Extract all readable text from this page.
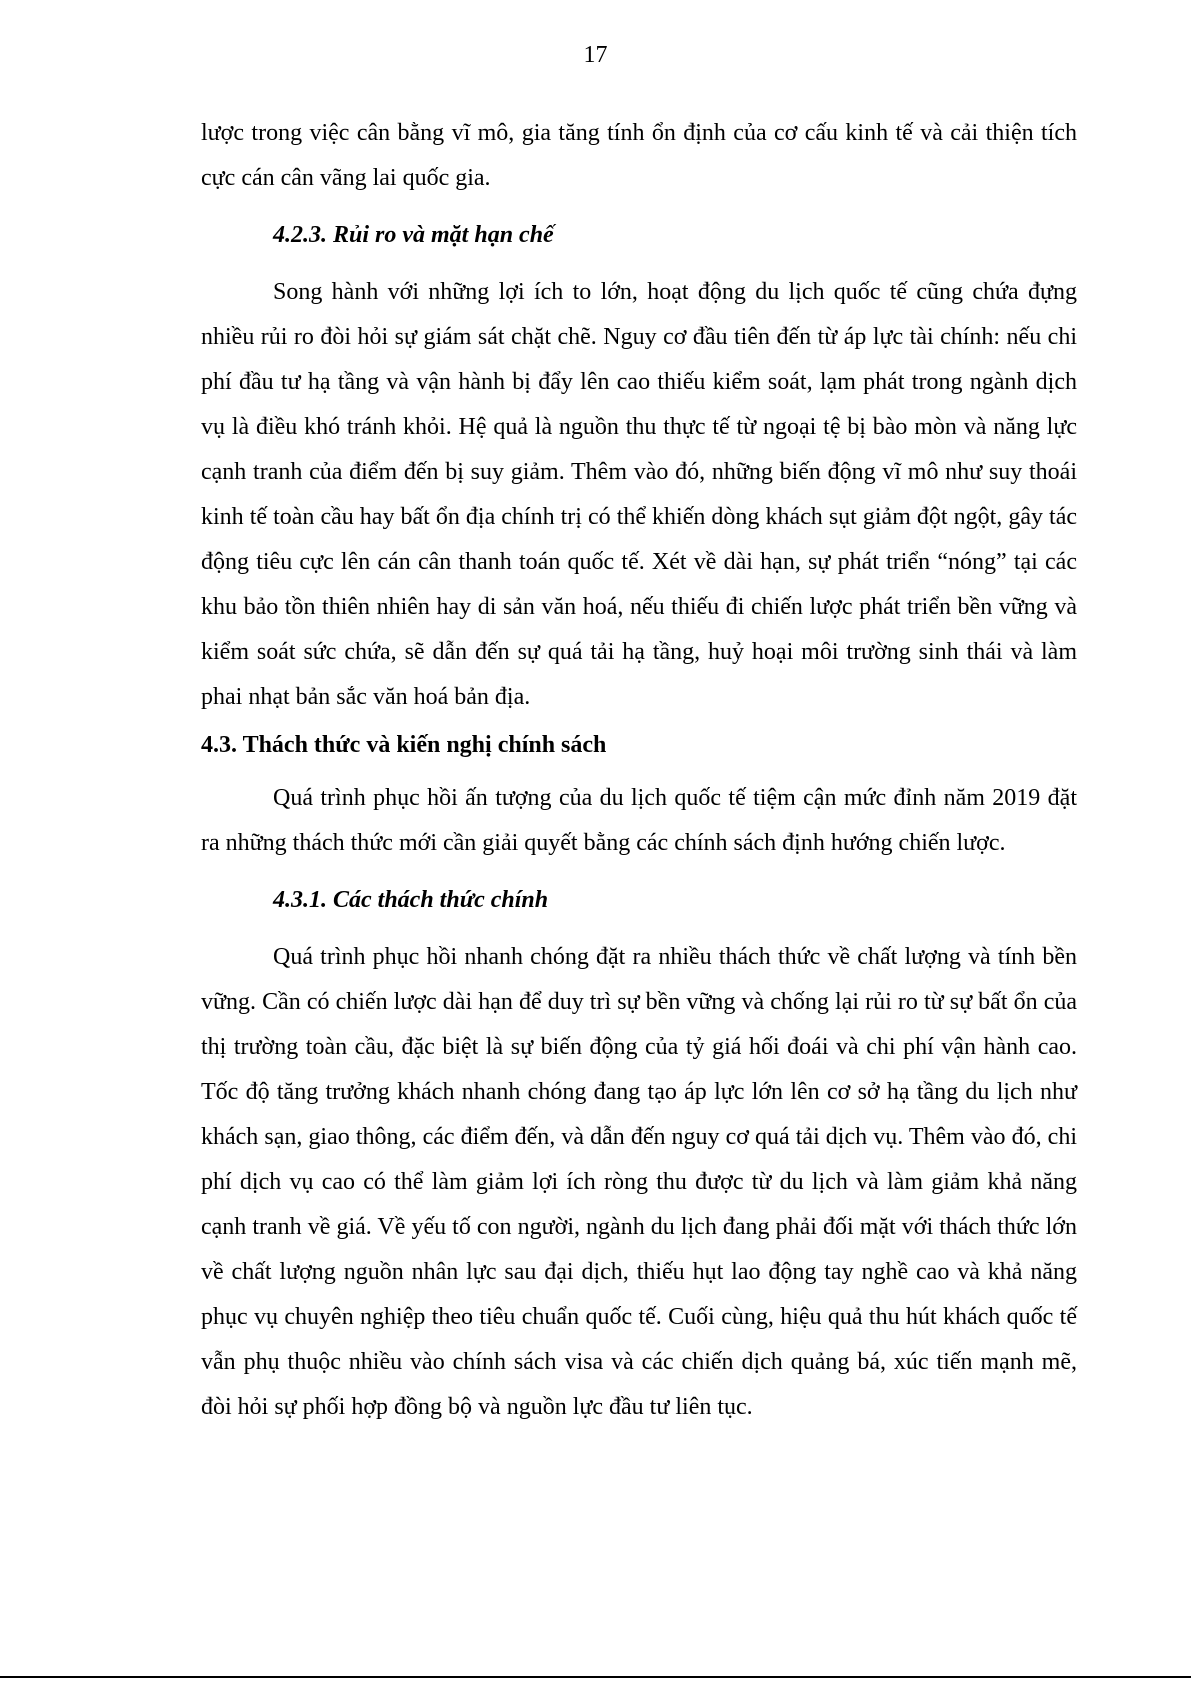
17

lược trong việc cân bằng vĩ mô, gia tăng tính ổn định của cơ cấu kinh tế và cải thiện tích cực cán cân vãng lai quốc gia.

4.2.3. Rủi ro và mặt hạn chế

Song hành với những lợi ích to lớn, hoạt động du lịch quốc tế cũng chứa đựng nhiều rủi ro đòi hỏi sự giám sát chặt chẽ. Nguy cơ đầu tiên đến từ áp lực tài chính: nếu chi phí đầu tư hạ tầng và vận hành bị đẩy lên cao thiếu kiểm soát, lạm phát trong ngành dịch vụ là điều khó tránh khỏi. Hệ quả là nguồn thu thực tế từ ngoại tệ bị bào mòn và năng lực cạnh tranh của điểm đến bị suy giảm. Thêm vào đó, những biến động vĩ mô như suy thoái kinh tế toàn cầu hay bất ổn địa chính trị có thể khiến dòng khách sụt giảm đột ngột, gây tác động tiêu cực lên cán cân thanh toán quốc tế. Xét về dài hạn, sự phát triển “nóng” tại các khu bảo tồn thiên nhiên hay di sản văn hoá, nếu thiếu đi chiến lược phát triển bền vững và kiểm soát sức chứa, sẽ dẫn đến sự quá tải hạ tầng, huỷ hoại môi trường sinh thái và làm phai nhạt bản sắc văn hoá bản địa.

4.3. Thách thức và kiến nghị chính sách

Quá trình phục hồi ấn tượng của du lịch quốc tế tiệm cận mức đỉnh năm 2019 đặt ra những thách thức mới cần giải quyết bằng các chính sách định hướng chiến lược.

4.3.1. Các thách thức chính

Quá trình phục hồi nhanh chóng đặt ra nhiều thách thức về chất lượng và tính bền vững. Cần có chiến lược dài hạn để duy trì sự bền vững và chống lại rủi ro từ sự bất ổn của thị trường toàn cầu, đặc biệt là sự biến động của tỷ giá hối đoái và chi phí vận hành cao. Tốc độ tăng trưởng khách nhanh chóng đang tạo áp lực lớn lên cơ sở hạ tầng du lịch như khách sạn, giao thông, các điểm đến, và dẫn đến nguy cơ quá tải dịch vụ. Thêm vào đó, chi phí dịch vụ cao có thể làm giảm lợi ích ròng thu được từ du lịch và làm giảm khả năng cạnh tranh về giá. Về yếu tố con người, ngành du lịch đang phải đối mặt với thách thức lớn về chất lượng nguồn nhân lực sau đại dịch, thiếu hụt lao động tay nghề cao và khả năng phục vụ chuyên nghiệp theo tiêu chuẩn quốc tế. Cuối cùng, hiệu quả thu hút khách quốc tế vẫn phụ thuộc nhiều vào chính sách visa và các chiến dịch quảng bá, xúc tiến mạnh mẽ, đòi hỏi sự phối hợp đồng bộ và nguồn lực đầu tư liên tục.
